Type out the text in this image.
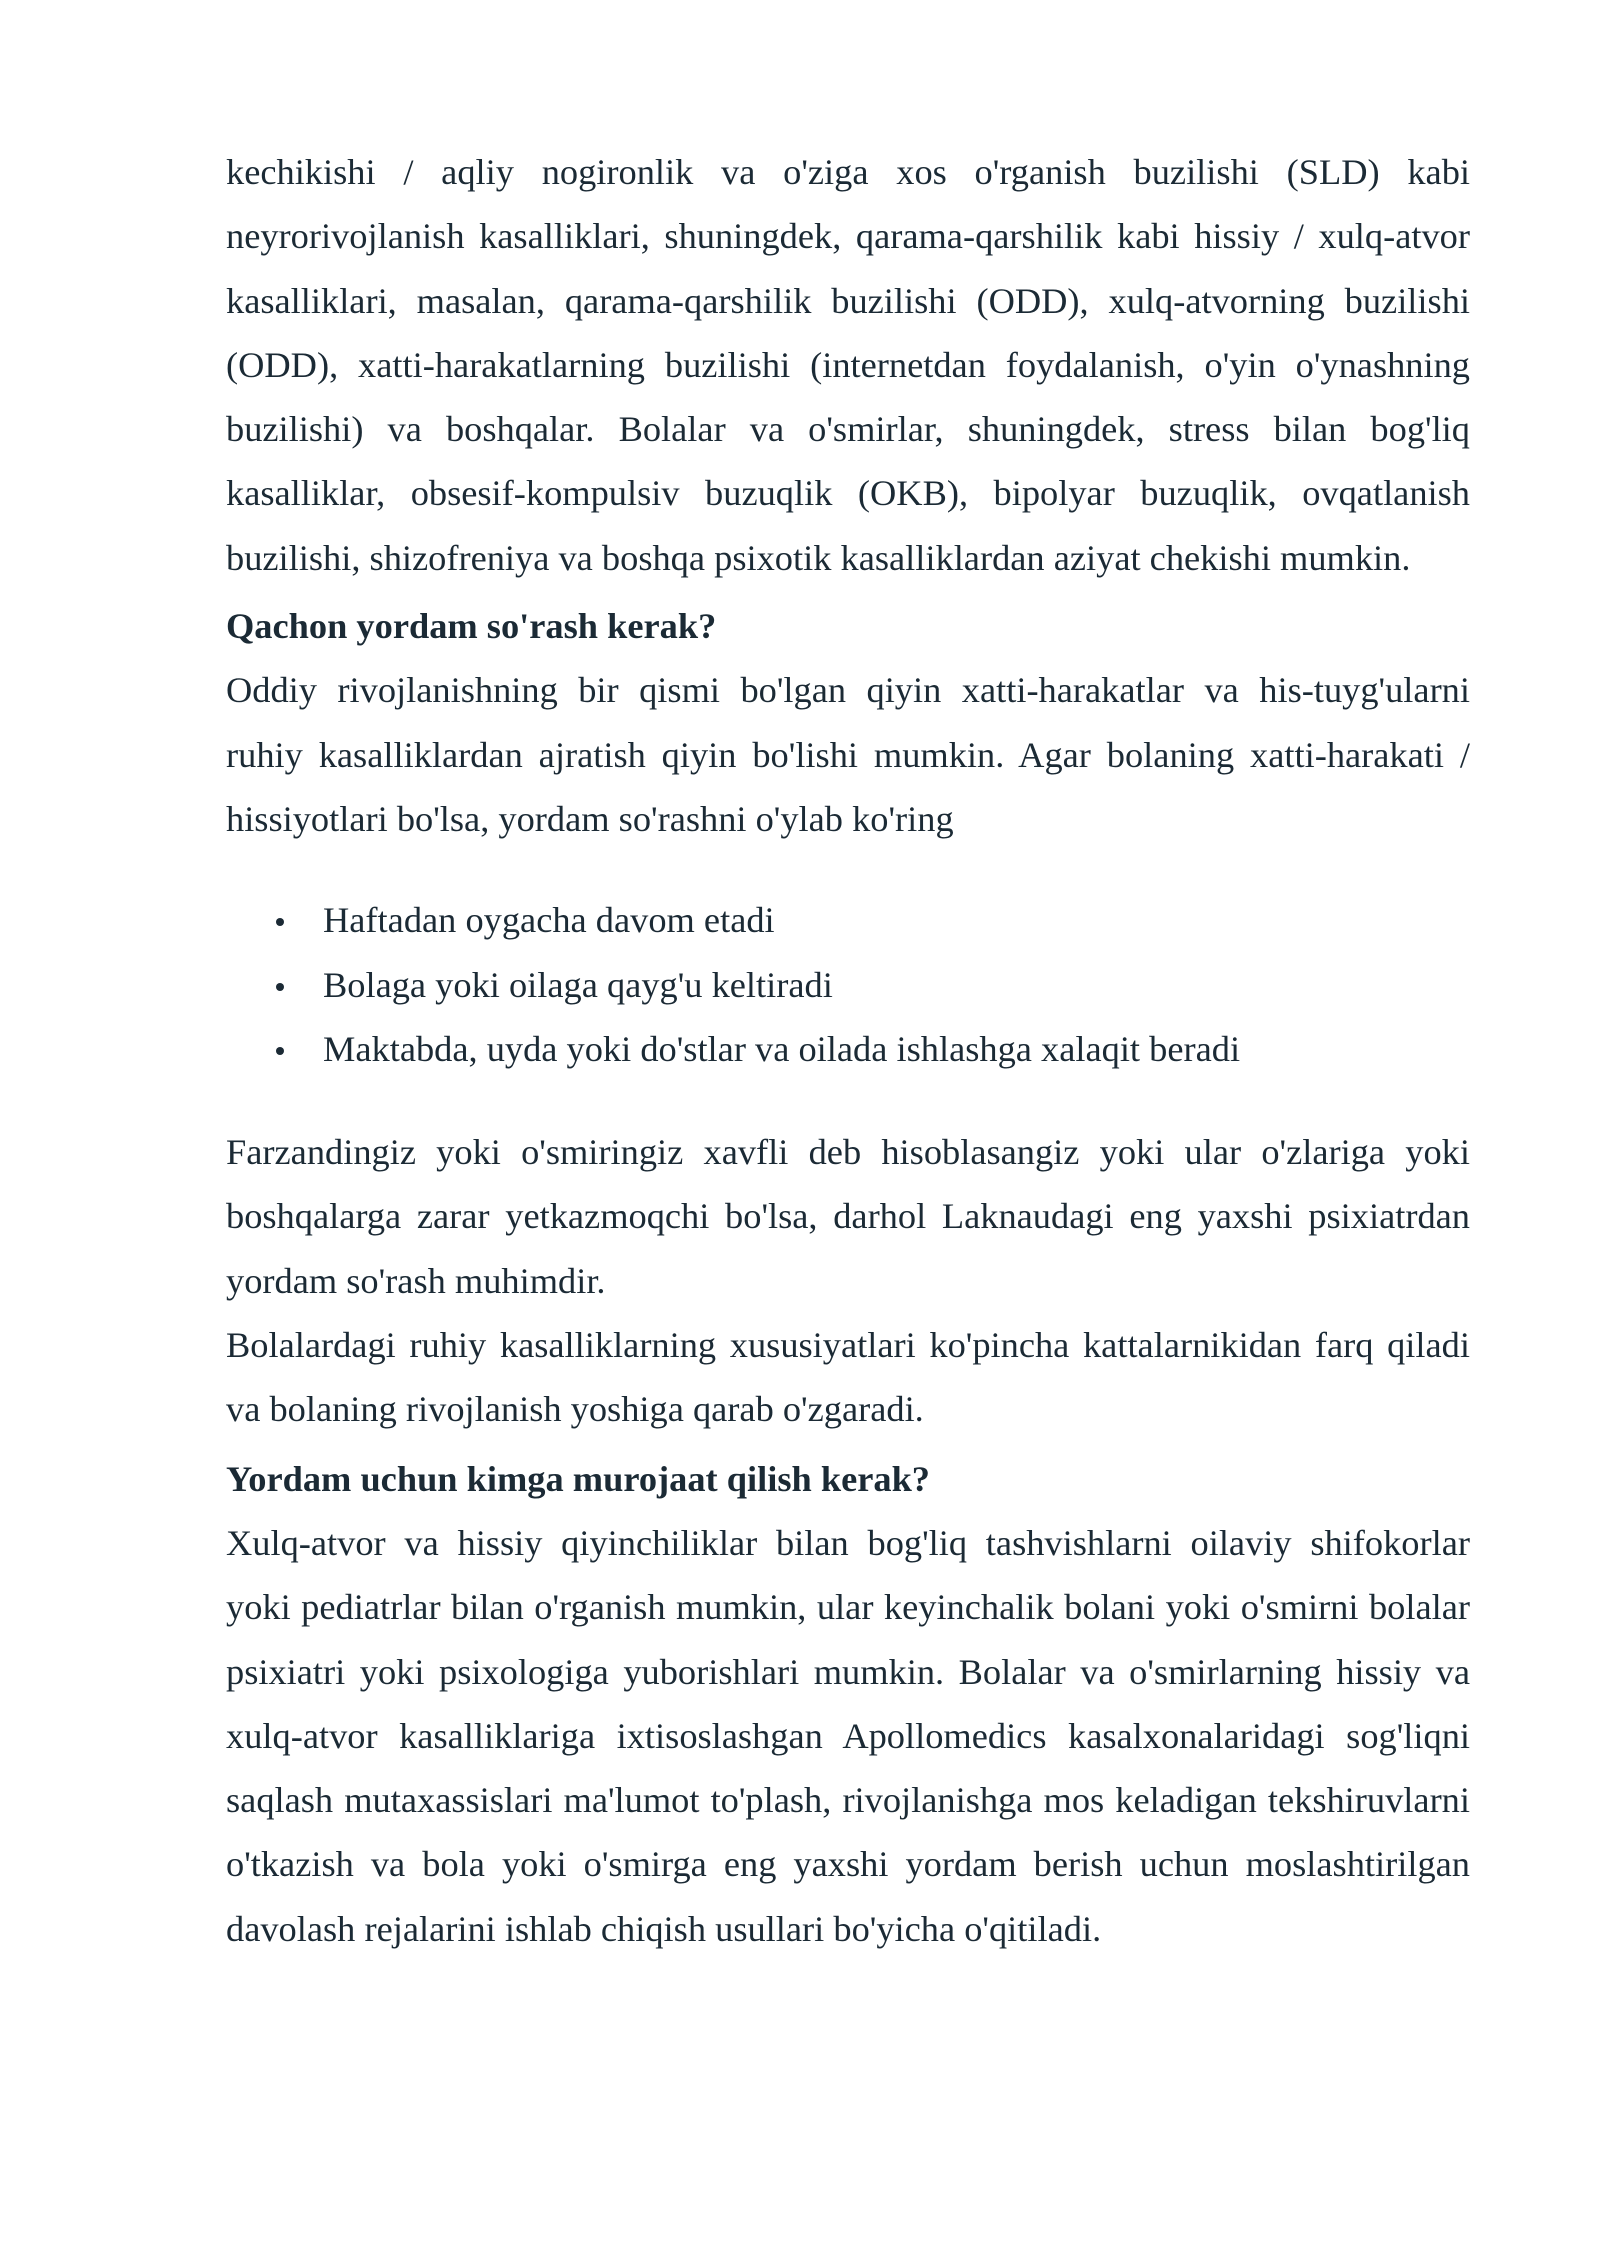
kechikishi / aqliy nogironlik va o'ziga xos o'rganish buzilishi (SLD) kabi
neyrorivojlanish kasalliklari, shuningdek, qarama-qarshilik kabi hissiy / xulq-atvor
kasalliklari, masalan, qarama-qarshilik buzilishi (ODD), xulq-atvorning buzilishi
(ODD), xatti-harakatlarning buzilishi (internetdan foydalanish, o'yin o'ynashning
buzilishi) va boshqalar. Bolalar va o'smirlar, shuningdek, stress bilan bog'liq
kasalliklar, obsesif-kompulsiv buzuqlik (OKB), bipolyar buzuqlik, ovqatlanish
buzilishi, shizofreniya va boshqa psixotik kasalliklardan aziyat chekishi mumkin.

Qachon yordam so'rash kerak?

Oddiy rivojlanishning bir qismi bo'lgan qiyin xatti-harakatlar va his-tuyg'ularni
ruhiy kasalliklardan ajratish qiyin bo'lishi mumkin. Agar bolaning xatti-harakati /
hissiyotlari bo'lsa, yordam so'rashni o'ylab ko'ring

Haftadan oygacha davom etadi
Bolaga yoki oilaga qayg'u keltiradi
Maktabda, uyda yoki do'stlar va oilada ishlashga xalaqit beradi

Farzandingiz yoki o'smiringiz xavfli deb hisoblasangiz yoki ular o'zlariga yoki
boshqalarga zarar yetkazmoqchi bo'lsa, darhol Laknaudagi eng yaxshi psixiatrdan
yordam so'rash muhimdir.

Bolalardagi ruhiy kasalliklarning xususiyatlari ko'pincha kattalarnikidan farq qiladi
va bolaning rivojlanish yoshiga qarab o'zgaradi.

Yordam uchun kimga murojaat qilish kerak?

Xulq-atvor va hissiy qiyinchiliklar bilan bog'liq tashvishlarni oilaviy shifokorlar
yoki pediatrlar bilan o'rganish mumkin, ular keyinchalik bolani yoki o'smirni bolalar
psixiatri yoki psixologiga yuborishlari mumkin. Bolalar va o'smirlarning hissiy va
xulq-atvor kasalliklariga ixtisoslashgan Apollomedics kasalxonalaridagi sog'liqni
saqlash mutaxassislari ma'lumot to'plash, rivojlanishga mos keladigan tekshiruvlarni
o'tkazish va bola yoki o'smirga eng yaxshi yordam berish uchun moslashtirilgan
davolash rejalarini ishlab chiqish usullari bo'yicha o'qitiladi.
